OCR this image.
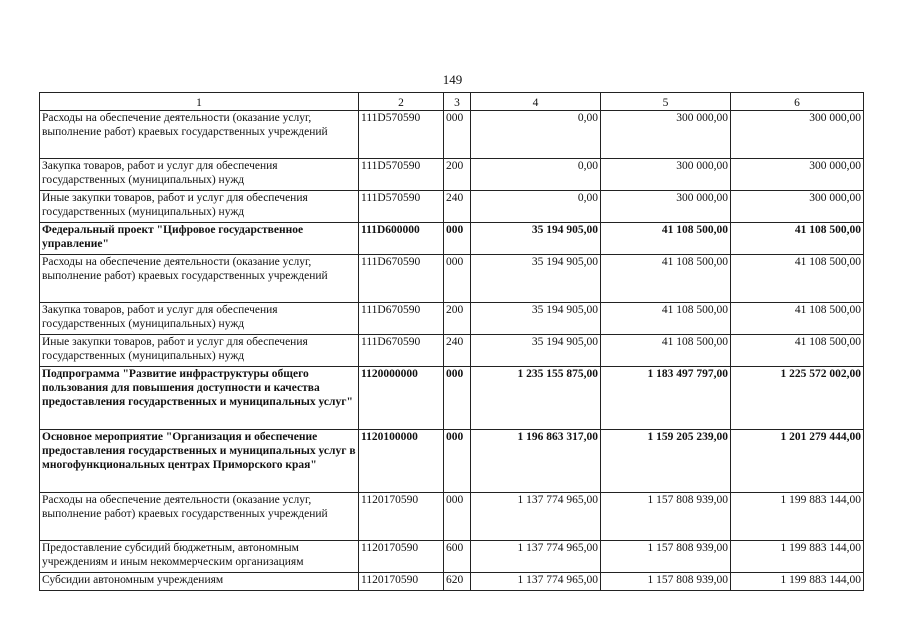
149
1	2	3	4	5	6
Расходы на обеспечение деятельности (оказание услуг, выполнение работ) краевых государственных учреждений	111D570590	000	0,00	300 000,00	300 000,00
Закупка товаров, работ и услуг для обеспечения государственных (муниципальных) нужд	111D570590	200	0,00	300 000,00	300 000,00
Иные закупки товаров, работ и услуг для обеспечения государственных (муниципальных) нужд	111D570590	240	0,00	300 000,00	300 000,00
Федеральный проект "Цифровое государственное управление"	111D600000	000	35 194 905,00	41 108 500,00	41 108 500,00
Расходы на обеспечение деятельности (оказание услуг, выполнение работ) краевых государственных учреждений	111D670590	000	35 194 905,00	41 108 500,00	41 108 500,00
Закупка товаров, работ и услуг для обеспечения государственных (муниципальных) нужд	111D670590	200	35 194 905,00	41 108 500,00	41 108 500,00
Иные закупки товаров, работ и услуг для обеспечения государственных (муниципальных) нужд	111D670590	240	35 194 905,00	41 108 500,00	41 108 500,00
Подпрограмма "Развитие инфраструктуры общего пользования для повышения доступности и качества предоставления государственных и муниципальных услуг"	1120000000	000	1 235 155 875,00	1 183 497 797,00	1 225 572 002,00
Основное мероприятие "Организация и обеспечение предоставления государственных и муниципальных услуг в многофункциональных центрах Приморского края"	1120100000	000	1 196 863 317,00	1 159 205 239,00	1 201 279 444,00
Расходы на обеспечение деятельности (оказание услуг, выполнение работ) краевых государственных учреждений	1120170590	000	1 137 774 965,00	1 157 808 939,00	1 199 883 144,00
Предоставление субсидий бюджетным, автономным учреждениям и иным некоммерческим организациям	1120170590	600	1 137 774 965,00	1 157 808 939,00	1 199 883 144,00
Субсидии автономным учреждениям	1120170590	620	1 137 774 965,00	1 157 808 939,00	1 199 883 144,00
